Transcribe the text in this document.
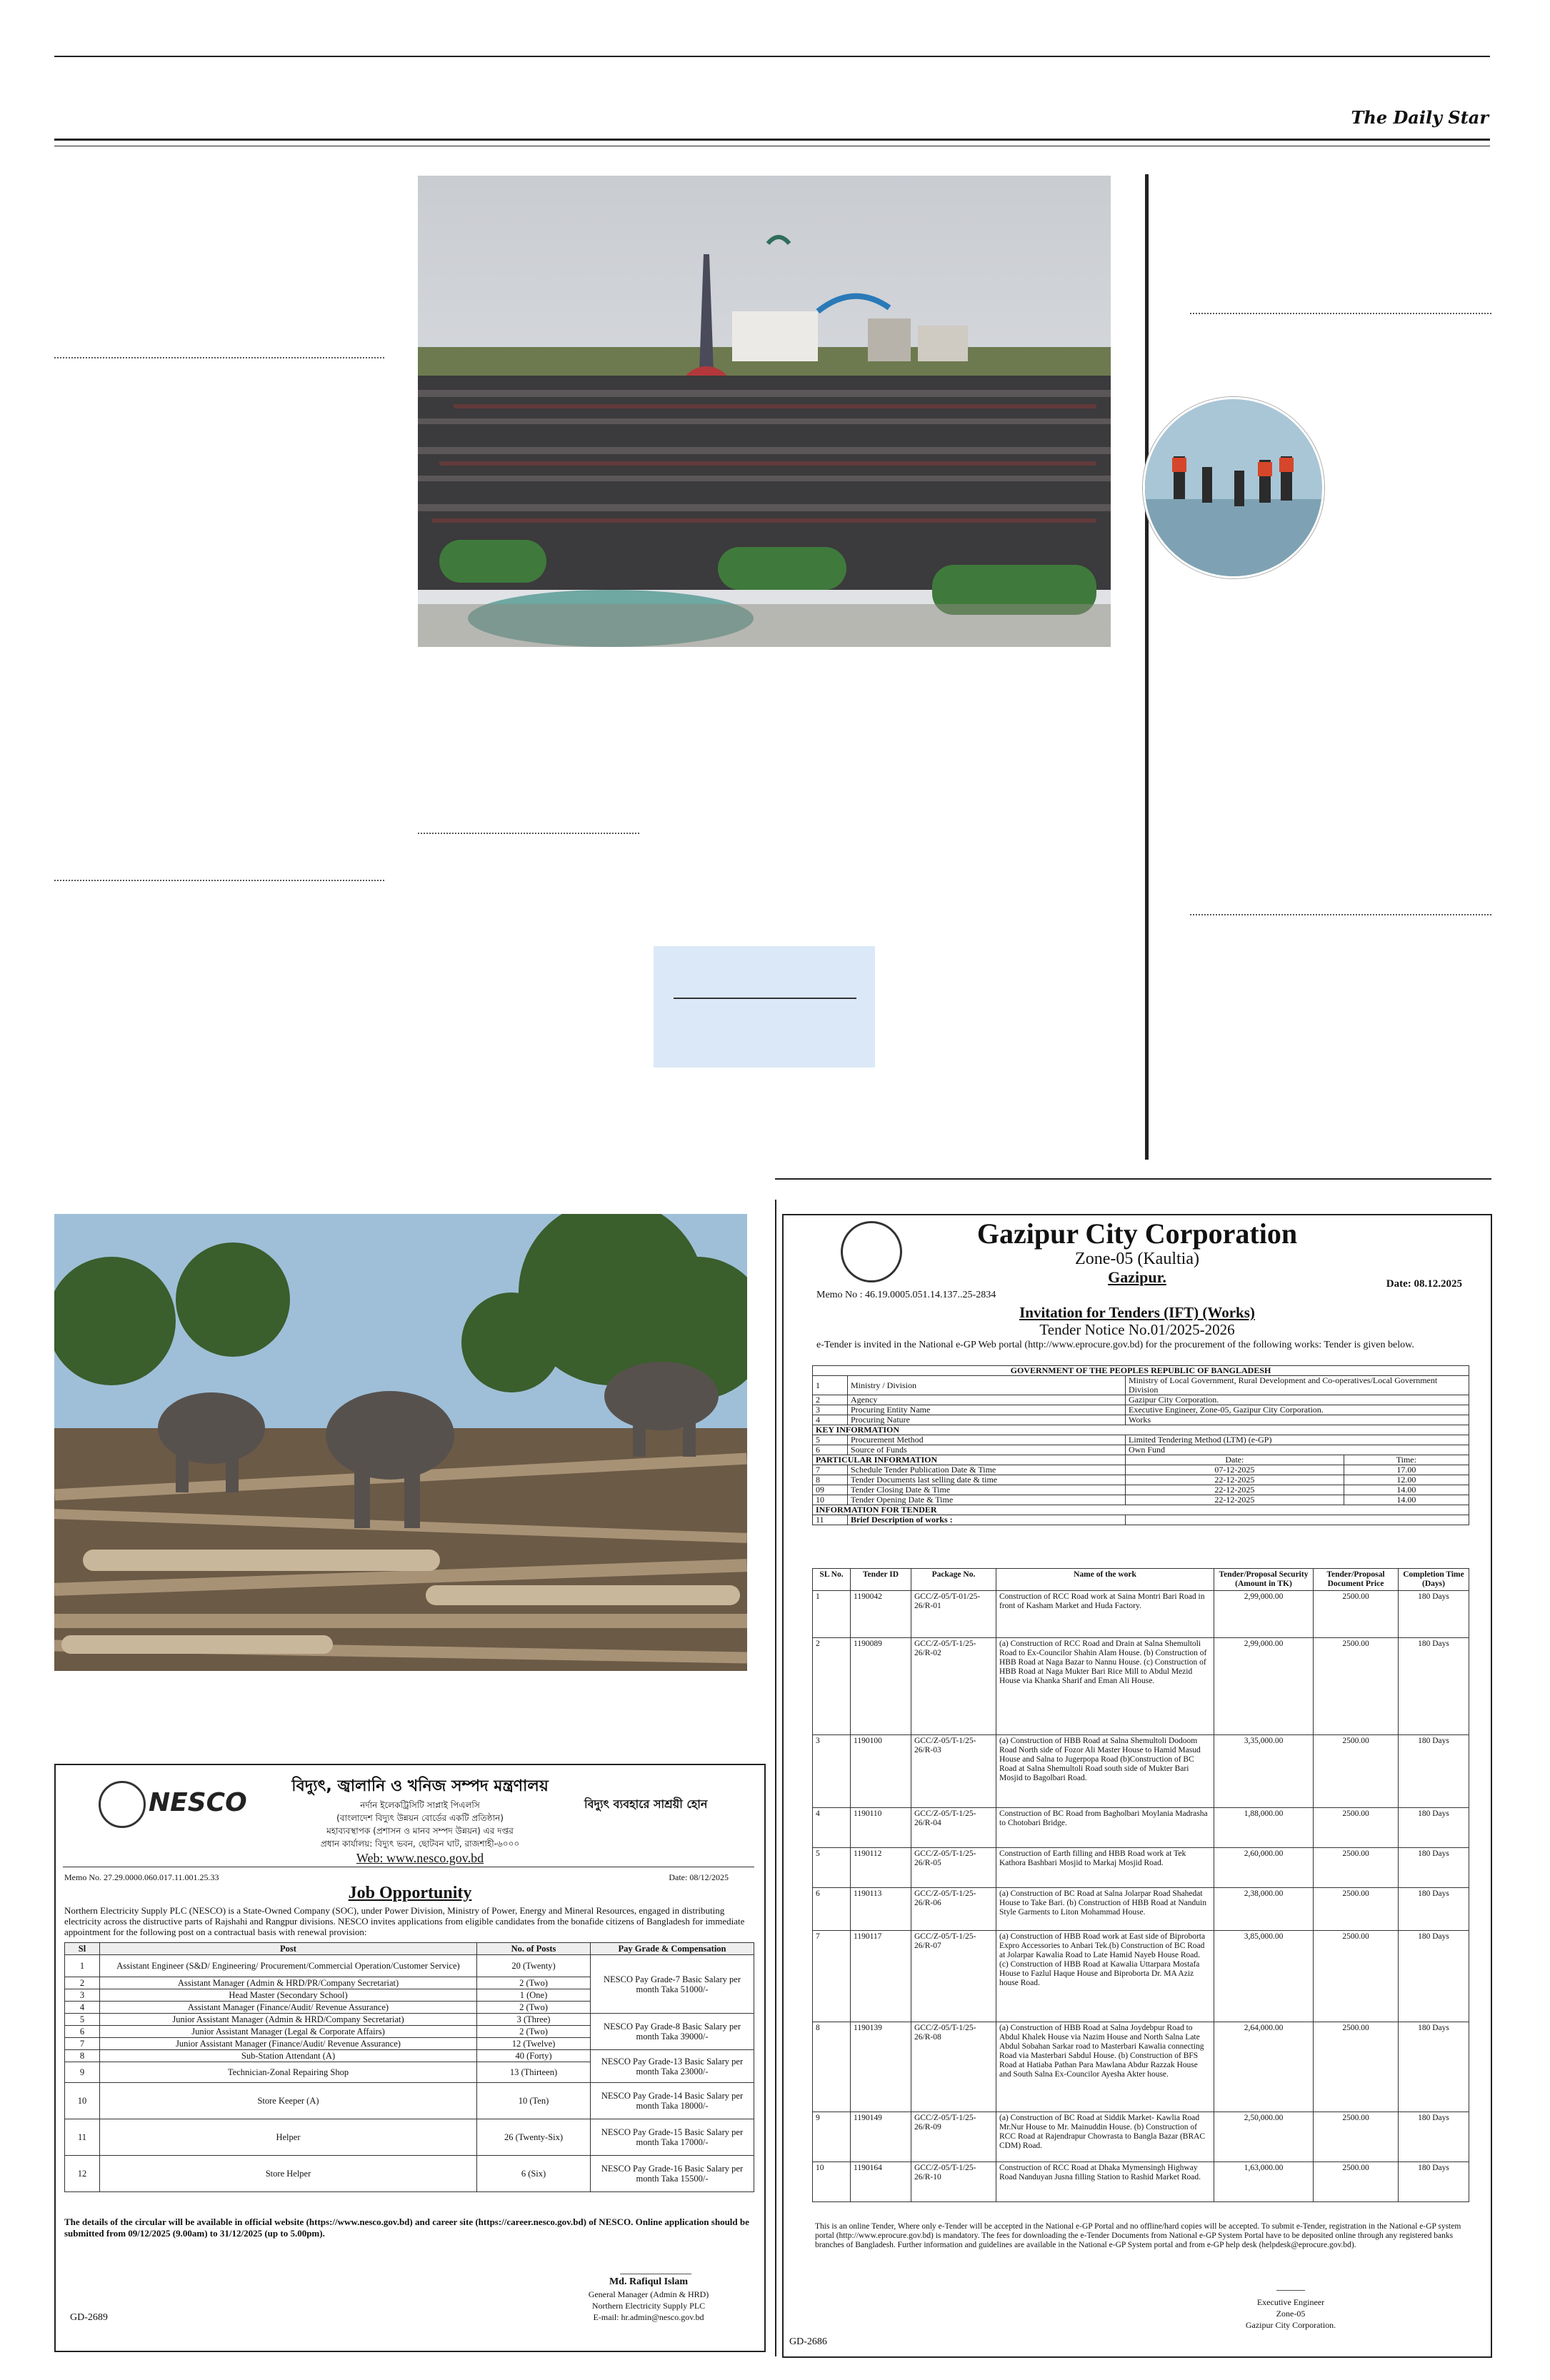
The Daily Star
NESCO
বিদ্যুৎ, জ্বালানি ও খনিজ সম্পদ মন্ত্রণালয়
বিদ্যুৎ ব্যবহারে সাশ্রয়ী হোন
নর্দান ইলেকট্রিসিটি সাপ্লাই পিএলসি
(বাংলাদেশ বিদ্যুৎ উন্নয়ন বোর্ডের একটি প্রতিষ্ঠান)
মহাব্যবস্থাপক (প্রশাসন ও মানব সম্পদ উন্নয়ন) এর দপ্তর
প্রধান কার্যালয়: বিদ্যুৎ ভবন, ছোটবন ঘাট, রাজশাহী-৬০০০
Web: www.nesco.gov.bd
Memo No. 27.29.0000.060.017.11.001.25.33	Date: 08/12/2025
Job Opportunity
Northern Electricity Supply PLC (NESCO) is a State-Owned Company (SOC), under Power Division, Ministry of Power, Energy and Mineral Resources, engaged in distributing electricity across the distructive parts of Rajshahi and Rangpur divisions. NESCO invites applications from eligible candidates from the bonafide citizens of Bangladesh for immediate appointment for the following post on a contractual basis with renewal provision:
Sl	Post	No. of Posts	Pay Grade & Compensation
1	Assistant Engineer (S&D/ Engineering/ Procurement/Commercial Operation/Customer Service)	20 (Twenty)	NESCO Pay Grade-7 Basic Salary per month Taka 51000/-
2	Assistant Manager (Admin & HRD/PR/Company Secretariat)	2 (Two)	
3	Head Master (Secondary School)	1 (One)	
4	Assistant Manager (Finance/Audit/ Revenue Assurance)	2 (Two)	
5	Junior Assistant Manager (Admin & HRD/Company Secretariat)	3 (Three)	NESCO Pay Grade-8 Basic Salary per month Taka 39000/-
6	Junior Assistant Manager (Legal & Corporate Affairs)	2 (Two)	
7	Junior Assistant Manager (Finance/Audit/ Revenue Assurance)	12 (Twelve)	
8	Sub-Station Attendant (A)	40 (Forty)	NESCO Pay Grade-13 Basic Salary per month Taka 23000/-
9	Technician-Zonal Repairing Shop	13 (Thirteen)	
10	Store Keeper (A)	10 (Ten)	NESCO Pay Grade-14 Basic Salary per month Taka 18000/-
11	Helper	26 (Twenty-Six)	NESCO Pay Grade-15 Basic Salary per month Taka 17000/-
12	Store Helper	6 (Six)	NESCO Pay Grade-16 Basic Salary per month Taka 15500/-
The details of the circular will be available in official website (https://www.nesco.gov.bd) and career site (https://career.nesco.gov.bd) of NESCO. Online application should be submitted from 09/12/2025 (9.00am) to 31/12/2025 (up to 5.00pm).
Md. Rafiqul Islam
General Manager (Admin & HRD)
Northern Electricity Supply PLC
E-mail: hr.admin@nesco.gov.bd
GD-2689
Gazipur City Corporation
Zone-05 (Kaultia)
Gazipur.
Memo No : 46.19.0005.051.14.137..25-2834
Date: 08.12.2025
Invitation for Tenders (IFT) (Works)
Tender Notice No.01/2025-2026
e-Tender is invited in the National e-GP Web portal (http://www.eprocure.gov.bd) for the procurement of the following works: Tender is given below.
GOVERNMENT OF THE PEOPLES REPUBLIC OF BANGLADESH			
1	Ministry / Division	Ministry of Local Government, Rural Development and Co-operatives/Local Government Division	
2	Agency	Gazipur City Corporation.	
3	Procuring Entity Name	Executive Engineer, Zone-05, Gazipur City Corporation.	
4	Procuring Nature	Works	
KEY INFORMATION			
5	Procurement Method	Limited Tendering Method (LTM) (e-GP)	
6	Source of Funds	Own Fund	
PARTICULAR INFORMATION		Date:	Time:
7	Schedule Tender Publication Date & Time	07-12-2025	17.00
8	Tender Documents last selling date & time	22-12-2025	12.00
09	Tender Closing Date & Time	22-12-2025	14.00
10	Tender Opening Date & Time	22-12-2025	14.00
INFORMATION FOR TENDER			
11	Brief Description of works :		
SL No.	Tender ID	Package No.	Name of the work	Tender/Proposal Security (Amount in TK)	Tender/Proposal Document Price	Completion Time (Days)
1	1190042	GCC/Z-05/T-01/25-26/R-01	Construction of RCC Road work at Saina Montri Bari Road in front of Kasham Market and Huda Factory.	2,99,000.00	2500.00	180 Days
2	1190089	GCC/Z-05/T-1/25-26/R-02	(a) Construction of RCC Road and Drain at Salna Shemultoli Road to Ex-Councilor Shahin Alam House. (b) Construction of HBB Road at Naga Bazar to Nannu House. (c) Construction of HBB Road at Naga Mukter Bari Rice Mill to Abdul Mezid House via Khanka Sharif and Eman Ali House.	2,99,000.00	2500.00	180 Days
3	1190100	GCC/Z-05/T-1/25-26/R-03	(a) Construction of HBB Road at Salna Shemultoli Dodoom Road North side of Fozor Ali Master House to Hamid Masud House and Salna to Jugerpopa Road (b)Construction of BC Road at Salna Shemultoli Road south side of Mukter Bari Mosjid to Bagolbari Road.	3,35,000.00	2500.00	180 Days
4	1190110	GCC/Z-05/T-1/25-26/R-04	Construction of BC Road from Bagholbari Moylania Madrasha to Chotobari Bridge.	1,88,000.00	2500.00	180 Days
5	1190112	GCC/Z-05/T-1/25-26/R-05	Construction of Earth filling and HBB Road work at Tek Kathora Bashbari Mosjid to Markaj Mosjid Road.	2,60,000.00	2500.00	180 Days
6	1190113	GCC/Z-05/T-1/25-26/R-06	(a) Construction of BC Road at Salna Jolarpar Road Shahedat House to Take Bari. (b) Construction of HBB Road at Nanduin Style Garments to Liton Mohammad House.	2,38,000.00	2500.00	180 Days
7	1190117	GCC/Z-05/T-1/25-26/R-07	(a) Construction of HBB Road work at East side of Biproborta Expro Accessories to Anbari Tek.(b) Construction of BC Road at Jolarpar Kawalia Road to Late Hamid Nayeb House Road. (c) Construction of HBB Road at Kawalia Uttarpara Mostafa House to Fazlul Haque House and Biproborta Dr. MA Aziz house Road.	3,85,000.00	2500.00	180 Days
8	1190139	GCC/Z-05/T-1/25-26/R-08	(a) Construction of HBB Road at Salna Joydebpur Road to Abdul Khalek House via Nazim House and North Salna Late Abdul Sobahan Sarkar road to Masterbari Kawalia connecting Road via Masterbari Sabdul House. (b) Construction of BFS Road at Hatiaba Pathan Para Mawlana Abdur Razzak House and South Salna Ex-Councilor Ayesha Akter house.	2,64,000.00	2500.00	180 Days
9	1190149	GCC/Z-05/T-1/25-26/R-09	(a) Construction of BC Road at Siddik Market- Kawlia Road Mr.Nur House to Mr. Mainuddin House. (b) Construction of RCC Road at Rajendrapur Chowrasta to Bangla Bazar (BRAC CDM) Road.	2,50,000.00	2500.00	180 Days
10	1190164	GCC/Z-05/T-1/25-26/R-10	Construction of RCC Road at Dhaka Mymensingh Highway Road Nanduyan Jusna filling Station to Rashid Market Road.	1,63,000.00	2500.00	180 Days
This is an online Tender, Where only e-Tender will be accepted in the National e-GP Portal and no offline/hard copies will be accepted. To submit e-Tender, registration in the National e-GP system portal (http://www.eprocure.gov.bd) is mandatory. The fees for downloading the e-Tender Documents from National e-GP System Portal have to be deposited online through any registered banks branches of Bangladesh. Further information and guidelines are available in the National e-GP System portal and from e-GP help desk (helpdesk@eprocure.gov.bd).
Executive Engineer
Zone-05
Gazipur City Corporation.
GD-2686
